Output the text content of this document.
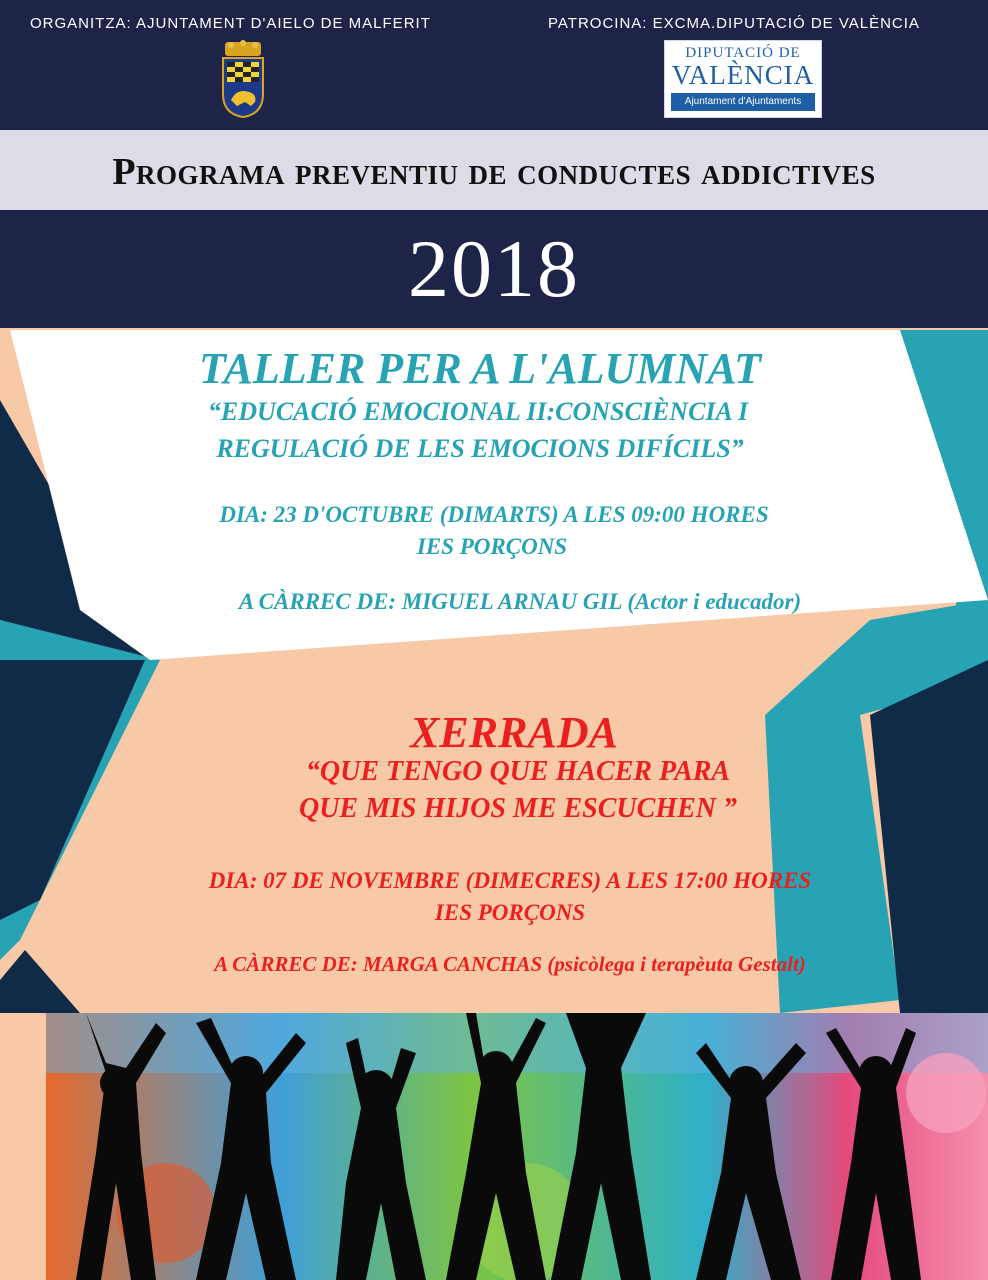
ORGANITZA: AJUNTAMENT D'AIELO DE MALFERIT	PATROCINA: EXCMA.DIPUTACIÓ DE VALÈNCIA
DIPUTACIÓ DE
VALÈNCIA
Ajuntament d'Ajuntaments
Programa preventiu de conductes addictives
2018
TALLER PER A L'ALUMNAT
“EDUCACIÓ EMOCIONAL II:CONSCIÈNCIA I
REGULACIÓ DE LES EMOCIONS DIFÍCILS”
DIA: 23 D'OCTUBRE (DIMARTS) A LES 09:00 HORES
IES PORÇONS
A CÀRREC DE: MIGUEL ARNAU GIL (Actor i educador)
XERRADA
“QUE TENGO QUE HACER PARA
QUE MIS HIJOS ME ESCUCHEN ”
DIA: 07 DE NOVEMBRE (DIMECRES) A LES 17:00 HORES
IES PORÇONS
A CÀRREC DE: MARGA CANCHAS (psicòlega i terapèuta Gestalt)
